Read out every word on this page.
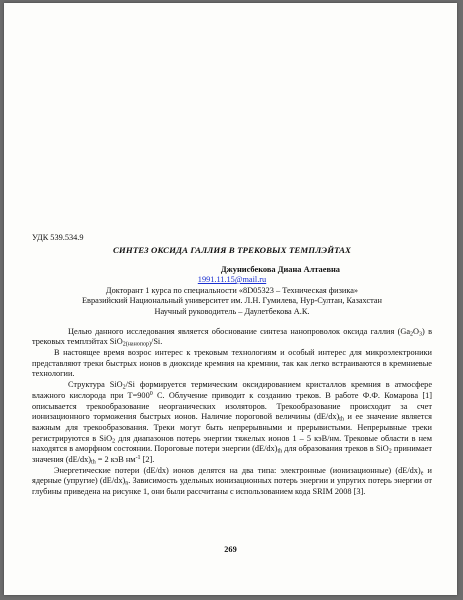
УДК 539.534.9

СИНТЕЗ ОКСИДА ГАЛЛИЯ В ТРЕКОВЫХ ТЕМПЛЭЙТАХ

Джунисбекова Диана Алтаевна

1991.11.15@mail.ru

Докторант 1 курса по специальности «8D05323 – Техническая физика»

Евразийский Национальный университет им. Л.Н. Гумилева, Нур-Султан, Казахстан

Научный руководитель – Даулетбекова А.К.

Целью данного исследования является обоснование синтеза нанопроволок оксида галлия $(Ga_2O_3)$ в трековых темплэйтах SiO$_{2(нанопор)}$/Si.

В настоящее время возрос интерес к трековым технологиям и особый интерес для микроэлектроники представляют треки быстрых ионов в диоксиде кремния на кремнии, так как легко встраиваются в кремниевые технологии.

Структура SiO$_2$/Si формируется термическим оксидированием кристаллов кремния в атмосфере влажного кислорода при $T=900^0$ C. Облучение приводит к созданию треков. В работе Ф.Ф. Комарова [1] описывается трекообразование неорганических изоляторов. Трекообразование происходит за счет ионизационного торможения быстрых ионов. Наличие пороговой величины $(dE/dx)_{th}$ и ее значение является важным для трекообразования. Треки могут быть непрерывными и прерывистыми. Непрерывные треки регистрируются в SiO$_2$ для диапазонов потерь энергии тяжелых ионов 1 – 5 кэВ/нм. Трековые области в нем находятся в аморфном состоянии. Пороговые потери энергии $(dE/dx)_{th}$ для образования треков в SiO$_2$ принимает значения $(dE/dx)_{th} = 2$ кэВ $нм^{-1}$ [2].

Энергетические потери (dE/dx) ионов делятся на два типа: электронные (ионизационные) $(dE/dx)_e$ и ядерные (упругие) $(dE/dx)_n$. Зависимость удельных ионизационных потерь энергии и упругих потерь энергии от глубины приведена на рисунке 1, они были рассчитаны с использованием кода SRIM 2008 [3].

269
